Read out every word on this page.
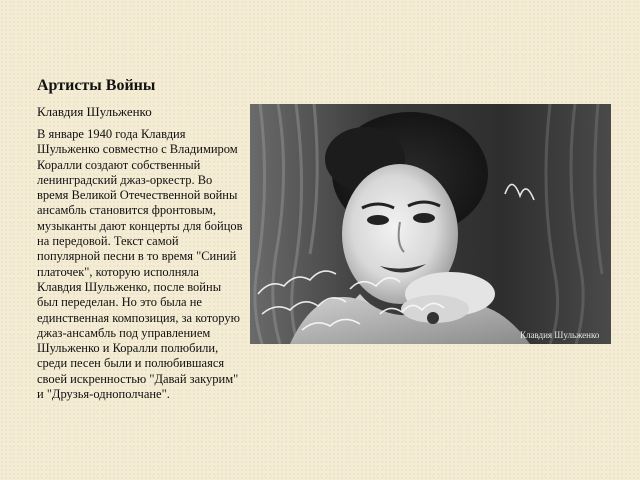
Артисты Войны

Клавдия Шульженко

В январе 1940 года Клавдия Шульженко совместно с Владимиром Коралли создают собственный ленинградский джаз-оркестр. Во время Великой Отечественной войны ансамбль становится фронтовым, музыканты дают концерты для бойцов на передовой. Текст самой популярной песни в то время "Синий платочек", которую исполняла Клавдия Шульженко, после войны был переделан. Но это была не единственная композиция, за которую джаз-ансамбль под управлением Шульженко и Коралли полюбили, среди песен были и полюбившаяся своей искренностью "Давай закурим" и "Друзья-однополчане".

Клавдия Шульженко
